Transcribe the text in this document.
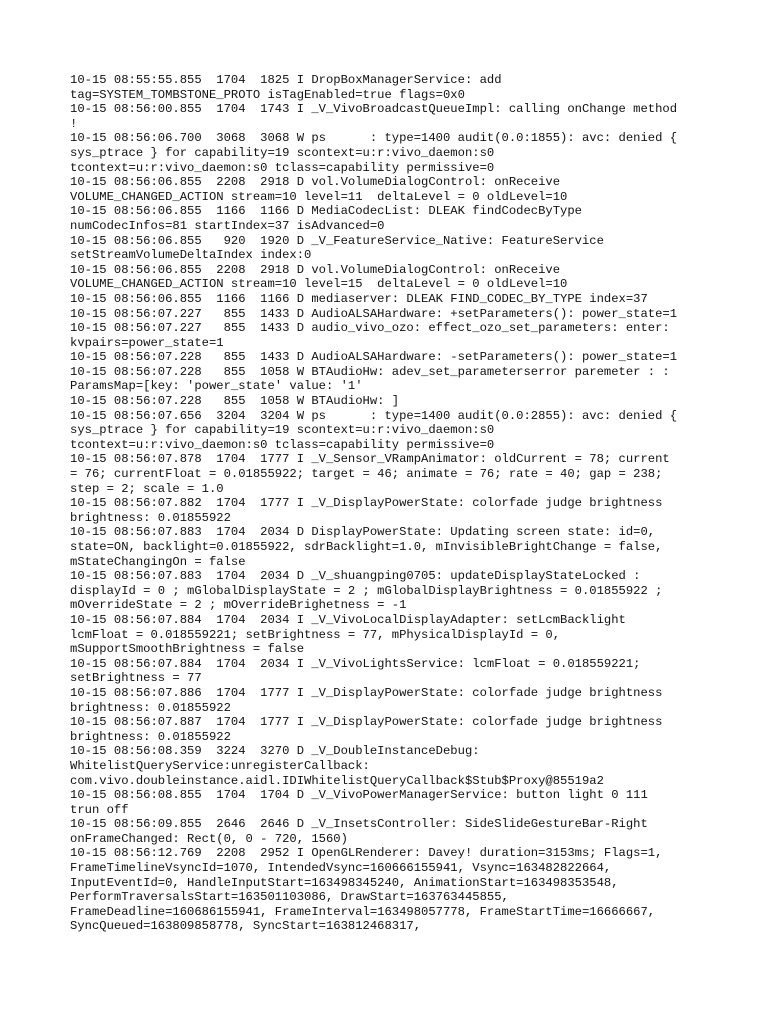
10-15 08:55:55.855  1704  1825 I DropBoxManagerService: add
tag=SYSTEM_TOMBSTONE_PROTO isTagEnabled=true flags=0x0
10-15 08:56:00.855  1704  1743 I _V_VivoBroadcastQueueImpl: calling onChange method
!
10-15 08:56:06.700  3068  3068 W ps      : type=1400 audit(0.0:1855): avc: denied {
sys_ptrace } for capability=19 scontext=u:r:vivo_daemon:s0
tcontext=u:r:vivo_daemon:s0 tclass=capability permissive=0
10-15 08:56:06.855  2208  2918 D vol.VolumeDialogControl: onReceive
VOLUME_CHANGED_ACTION stream=10 level=11  deltaLevel = 0 oldLevel=10
10-15 08:56:06.855  1166  1166 D MediaCodecList: DLEAK findCodecByType
numCodecInfos=81 startIndex=37 isAdvanced=0
10-15 08:56:06.855   920  1920 D _V_FeatureService_Native: FeatureService
setStreamVolumeDeltaIndex index:0
10-15 08:56:06.855  2208  2918 D vol.VolumeDialogControl: onReceive
VOLUME_CHANGED_ACTION stream=10 level=15  deltaLevel = 0 oldLevel=10
10-15 08:56:06.855  1166  1166 D mediaserver: DLEAK FIND_CODEC_BY_TYPE index=37
10-15 08:56:07.227   855  1433 D AudioALSAHardware: +setParameters(): power_state=1
10-15 08:56:07.227   855  1433 D audio_vivo_ozo: effect_ozo_set_parameters: enter:
kvpairs=power_state=1
10-15 08:56:07.228   855  1433 D AudioALSAHardware: -setParameters(): power_state=1
10-15 08:56:07.228   855  1058 W BTAudioHw: adev_set_parameterserror paremeter : :
ParamsMap=[key: 'power_state' value: '1'
10-15 08:56:07.228   855  1058 W BTAudioHw: ]
10-15 08:56:07.656  3204  3204 W ps      : type=1400 audit(0.0:2855): avc: denied {
sys_ptrace } for capability=19 scontext=u:r:vivo_daemon:s0
tcontext=u:r:vivo_daemon:s0 tclass=capability permissive=0
10-15 08:56:07.878  1704  1777 I _V_Sensor_VRampAnimator: oldCurrent = 78; current
= 76; currentFloat = 0.01855922; target = 46; animate = 76; rate = 40; gap = 238;
step = 2; scale = 1.0
10-15 08:56:07.882  1704  1777 I _V_DisplayPowerState: colorfade judge brightness
brightness: 0.01855922
10-15 08:56:07.883  1704  2034 D DisplayPowerState: Updating screen state: id=0,
state=ON, backlight=0.01855922, sdrBacklight=1.0, mInvisibleBrightChange = false,
mStateChangingOn = false
10-15 08:56:07.883  1704  2034 D _V_shuangping0705: updateDisplayStateLocked :
displayId = 0 ; mGlobalDisplayState = 2 ; mGlobalDisplayBrightness = 0.01855922 ;
mOverrideState = 2 ; mOverrideBrighetness = -1
10-15 08:56:07.884  1704  2034 I _V_VivoLocalDisplayAdapter: setLcmBacklight
lcmFloat = 0.018559221; setBrightness = 77, mPhysicalDisplayId = 0,
mSupportSmoothBrightness = false
10-15 08:56:07.884  1704  2034 I _V_VivoLightsService: lcmFloat = 0.018559221;
setBrightness = 77
10-15 08:56:07.886  1704  1777 I _V_DisplayPowerState: colorfade judge brightness
brightness: 0.01855922
10-15 08:56:07.887  1704  1777 I _V_DisplayPowerState: colorfade judge brightness
brightness: 0.01855922
10-15 08:56:08.359  3224  3270 D _V_DoubleInstanceDebug:
WhitelistQueryService:unregisterCallback:
com.vivo.doubleinstance.aidl.IDIWhitelistQueryCallback$Stub$Proxy@85519a2
10-15 08:56:08.855  1704  1704 D _V_VivoPowerManagerService: button light 0 111
trun off
10-15 08:56:09.855  2646  2646 D _V_InsetsController: SideSlideGestureBar-Right
onFrameChanged: Rect(0, 0 - 720, 1560)
10-15 08:56:12.769  2208  2952 I OpenGLRenderer: Davey! duration=3153ms; Flags=1,
FrameTimelineVsyncId=1070, IntendedVsync=160666155941, Vsync=163482822664,
InputEventId=0, HandleInputStart=163498345240, AnimationStart=163498353548,
PerformTraversalsStart=163501103086, DrawStart=163763445855,
FrameDeadline=160686155941, FrameInterval=163498057778, FrameStartTime=16666667,
SyncQueued=163809858778, SyncStart=163812468317,
